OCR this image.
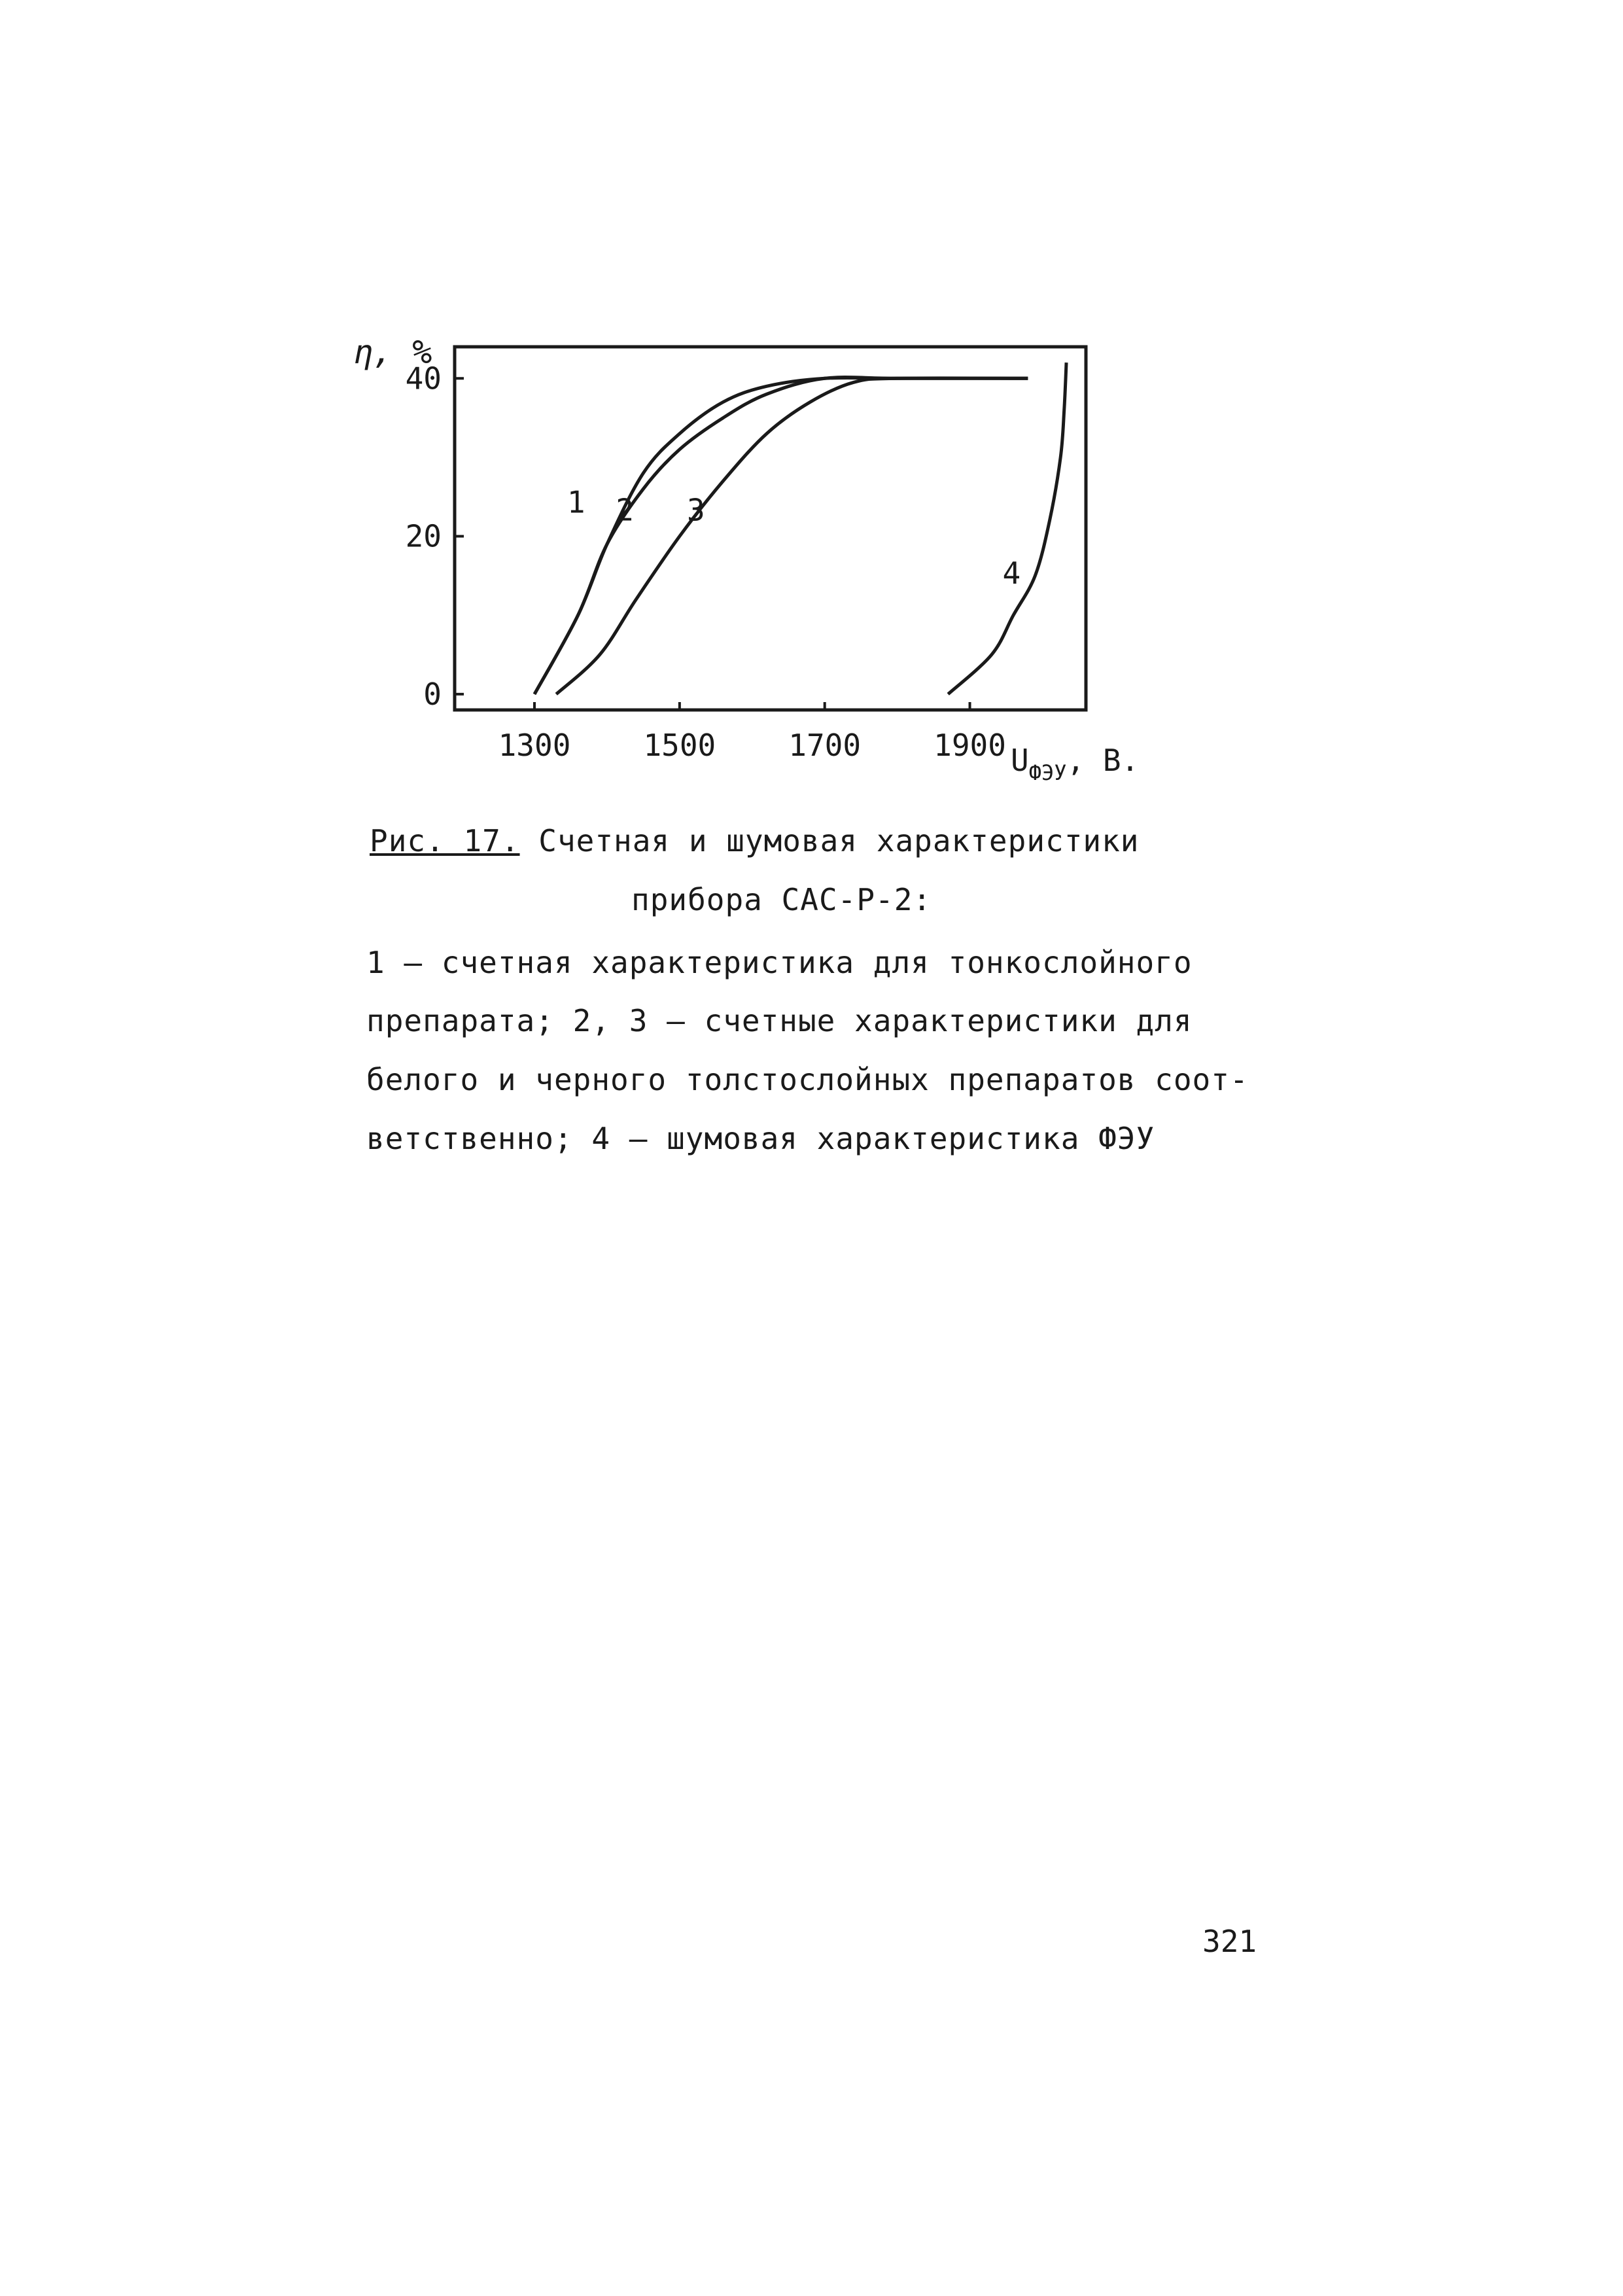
0
20
40
1300 1500 1700 1900
1 2 3
4
η, %
$U_{ФЭУ}$, В.
Рис. 17. Счетная и шумовая характеристики
прибора САС-Р-2:
1 – счетная характеристика для тонкослойного
препарата; 2, 3 – счетные характеристики для
белого и черного толстослойных препаратов соот-
ветственно; 4 – шумовая характеристика ФЭУ
321
